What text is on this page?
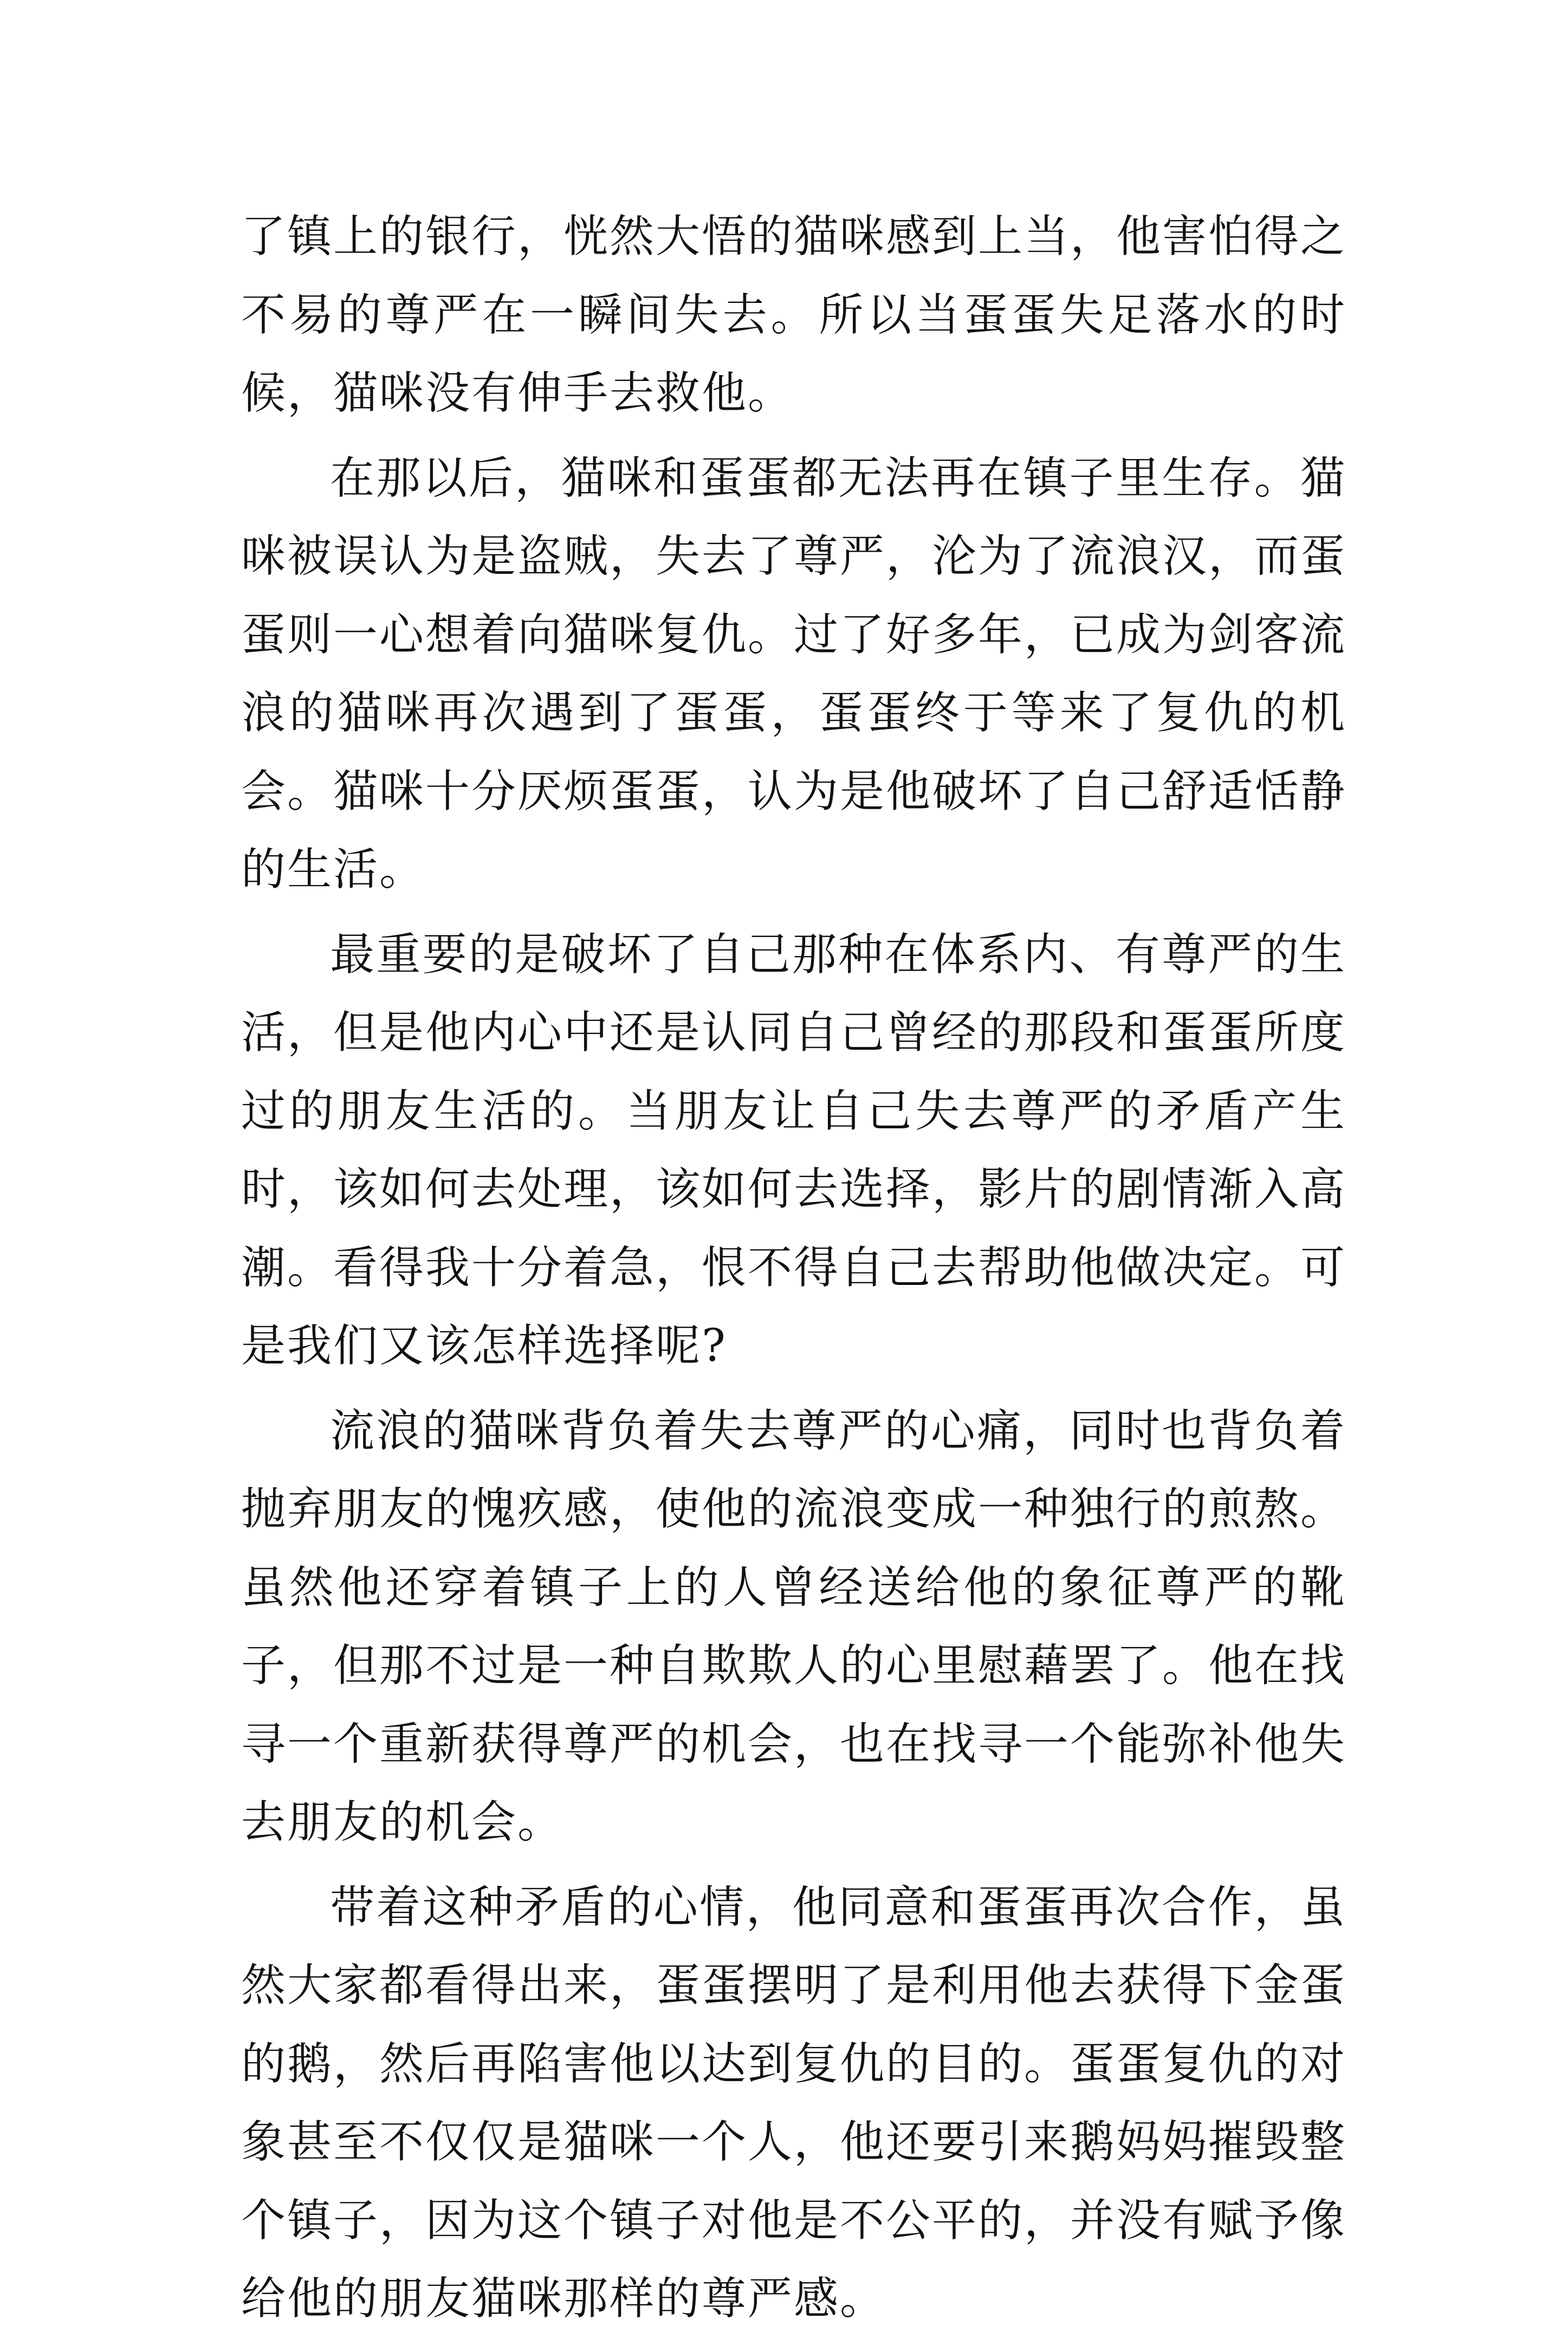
了镇上的银行，恍然大悟的猫咪感到上当，他害怕得之不易的尊严在一瞬间失去。所以当蛋蛋失足落水的时候，猫咪没有伸手去救他。

在那以后，猫咪和蛋蛋都无法再在镇子里生存。猫咪被误认为是盗贼，失去了尊严，沦为了流浪汉，而蛋蛋则一心想着向猫咪复仇。过了好多年，已成为剑客流浪的猫咪再次遇到了蛋蛋，蛋蛋终于等来了复仇的机会。猫咪十分厌烦蛋蛋，认为是他破坏了自己舒适恬静的生活。

最重要的是破坏了自己那种在体系内、有尊严的生活，但是他内心中还是认同自己曾经的那段和蛋蛋所度过的朋友生活的。当朋友让自己失去尊严的矛盾产生时，该如何去处理，该如何去选择，影片的剧情渐入高潮。看得我十分着急，恨不得自己去帮助他做决定。可是我们又该怎样选择呢?

流浪的猫咪背负着失去尊严的心痛，同时也背负着抛弃朋友的愧疚感，使他的流浪变成一种独行的煎熬。虽然他还穿着镇子上的人曾经送给他的象征尊严的靴子，但那不过是一种自欺欺人的心里慰藉罢了。他在找寻一个重新获得尊严的机会，也在找寻一个能弥补他失去朋友的机会。

带着这种矛盾的心情，他同意和蛋蛋再次合作，虽然大家都看得出来，蛋蛋摆明了是利用他去获得下金蛋的鹅，然后再陷害他以达到复仇的目的。蛋蛋复仇的对象甚至不仅仅是猫咪一个人，他还要引来鹅妈妈摧毁整个镇子，因为这个镇子对他是不公平的，并没有赋予像给他的朋友猫咪那样的尊严感。
